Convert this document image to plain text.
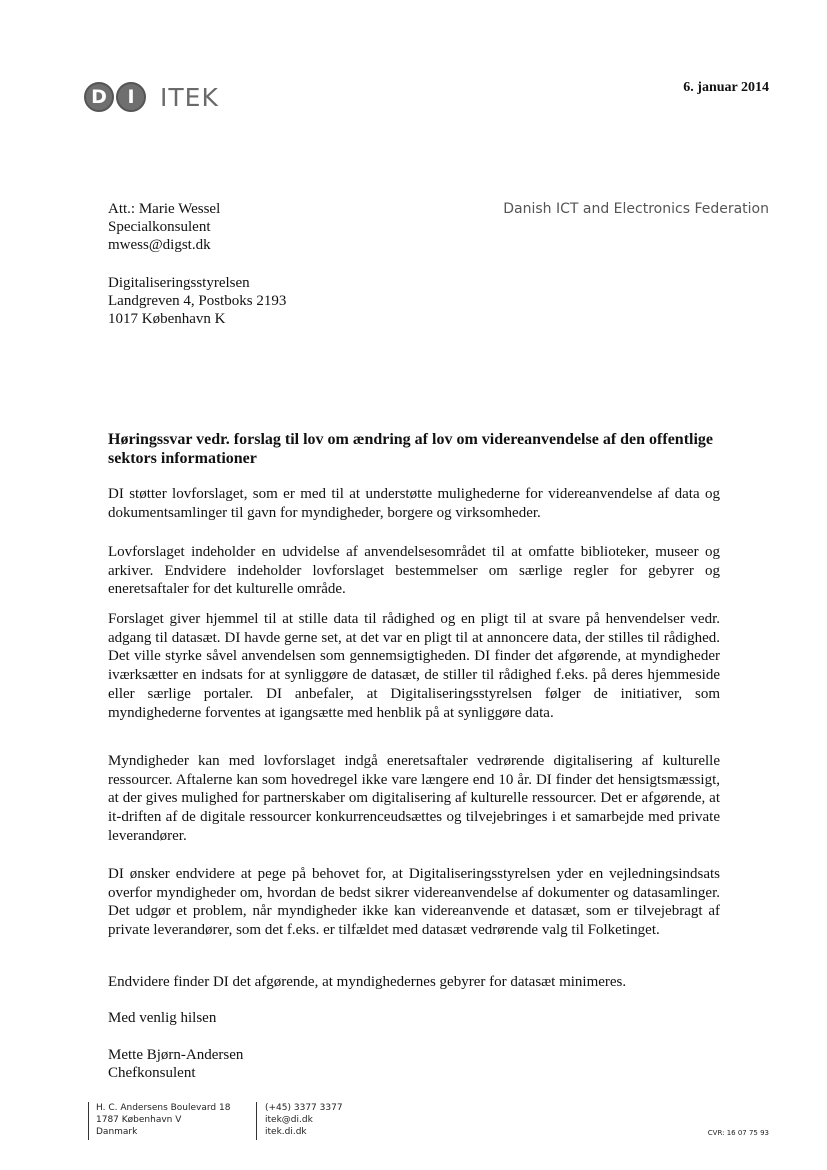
D	I	ITEK	6. januar 2014
Danish ICT and Electronics Federation
Att.: Marie Wessel
Specialkonsulent
mwess@digst.dk
Digitaliseringsstyrelsen
Landgreven 4, Postboks 2193
1017 København K
Høringssvar vedr. forslag til lov om ændring af lov om videreanvendelse af den offentlige sektors informationer
DI støtter lovforslaget, som er med til at understøtte mulighederne for videreanvendelse af data og dokumentsamlinger til gavn for myndigheder, borgere og virksomheder.
Lovforslaget indeholder en udvidelse af anvendelsesområdet til at omfatte biblioteker, museer og arkiver. Endvidere indeholder lovforslaget bestemmelser om særlige regler for gebyrer og eneretsaftaler for det kulturelle område.
Forslaget giver hjemmel til at stille data til rådighed og en pligt til at svare på henvendelser vedr. adgang til datasæt. DI havde gerne set, at det var en pligt til at annoncere data, der stilles til rådighed. Det ville styrke såvel anvendelsen som gennemsigtigheden. DI finder det afgørende, at myndigheder iværksætter en indsats for at synliggøre de datasæt, de stiller til rådighed f.eks. på deres hjemmeside eller særlige portaler. DI anbefaler, at Digitaliseringsstyrelsen følger de initiativer, som myndighederne forventes at igangsætte med henblik på at synliggøre data.
Myndigheder kan med lovforslaget indgå eneretsaftaler vedrørende digitalisering af kulturelle ressourcer. Aftalerne kan som hovedregel ikke vare længere end 10 år. DI finder det hensigtsmæssigt, at der gives mulighed for partnerskaber om digitalisering af kulturelle ressourcer. Det er afgørende, at it-driften af de digitale ressourcer konkurrenceudsættes og tilvejebringes i et samarbejde med private leverandører.
DI ønsker endvidere at pege på behovet for, at Digitaliseringsstyrelsen yder en vejledningsindsats overfor myndigheder om, hvordan de bedst sikrer videreanvendelse af dokumenter og datasamlinger. Det udgør et problem, når myndigheder ikke kan videreanvende et datasæt, som er tilvejebragt af private leverandører, som det f.eks. er tilfældet med datasæt vedrørende valg til Folketinget.
Endvidere finder DI det afgørende, at myndighedernes gebyrer for datasæt minimeres.
Med venlig hilsen
Mette Bjørn-Andersen
Chefkonsulent
H. C. Andersens Boulevard 18
1787 København V
Danmark
(+45) 3377 3377
itek@di.dk
itek.di.dk	CVR: 16 07 75 93
